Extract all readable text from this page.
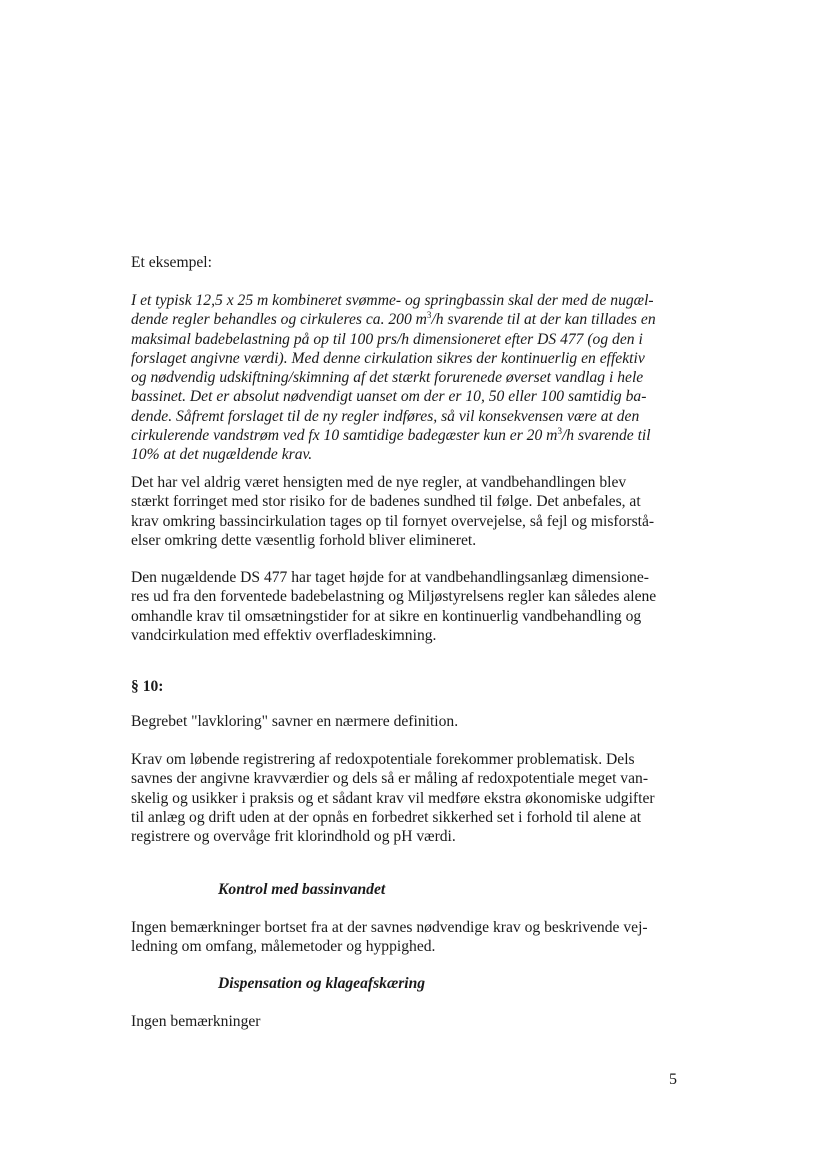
Et eksempel:

I et typisk 12,5 x 25 m kombineret svømme- og springbassin skal der med de nugæl-
dende regler behandles og cirkuleres ca. 200 $m^3/h$ svarende til at der kan tillades en
maksimal badebelastning på op til 100 prs/h dimensioneret efter DS 477 (og den i
forslaget angivne værdi). Med denne cirkulation sikres der kontinuerlig en effektiv
og nødvendig udskiftning/skimning af det stærkt forurenede øverset vandlag i hele
bassinet. Det er absolut nødvendigt uanset om der er 10, 50 eller 100 samtidig ba-
dende. Såfremt forslaget til de ny regler indføres, så vil konsekvensen være at den
cirkulerende vandstrøm ved fx 10 samtidige badegæster kun er 20 $m^3/h$ svarende til
10% at det nugældende krav.

Det har vel aldrig været hensigten med de nye regler, at vandbehandlingen blev
stærkt forringet med stor risiko for de badenes sundhed til følge. Det anbefales, at
krav omkring bassincirkulation tages op til fornyet overvejelse, så fejl og misforstå-
elser omkring dette væsentlig forhold bliver elimineret.

Den nugældende DS 477 har taget højde for at vandbehandlingsanlæg dimensione-
res ud fra den forventede badebelastning og Miljøstyrelsens regler kan således alene
omhandle krav til omsætningstider for at sikre en kontinuerlig vandbehandling og
vandcirkulation med effektiv overfladeskimning.

§ 10:

Begrebet "lavkloring" savner en nærmere definition.

Krav om løbende registrering af redoxpotentiale forekommer problematisk. Dels
savnes der angivne kravværdier og dels så er måling af redoxpotentiale meget van-
skelig og usikker i praksis og et sådant krav vil medføre ekstra økonomiske udgifter
til anlæg og drift uden at der opnås en forbedret sikkerhed set i forhold til alene at
registrere og overvåge frit klorindhold og pH værdi.

Kontrol med bassinvandet

Ingen bemærkninger bortset fra at der savnes nødvendige krav og beskrivende vej-
ledning om omfang, målemetoder og hyppighed.

Dispensation og klageafskæring

Ingen bemærkninger

5
